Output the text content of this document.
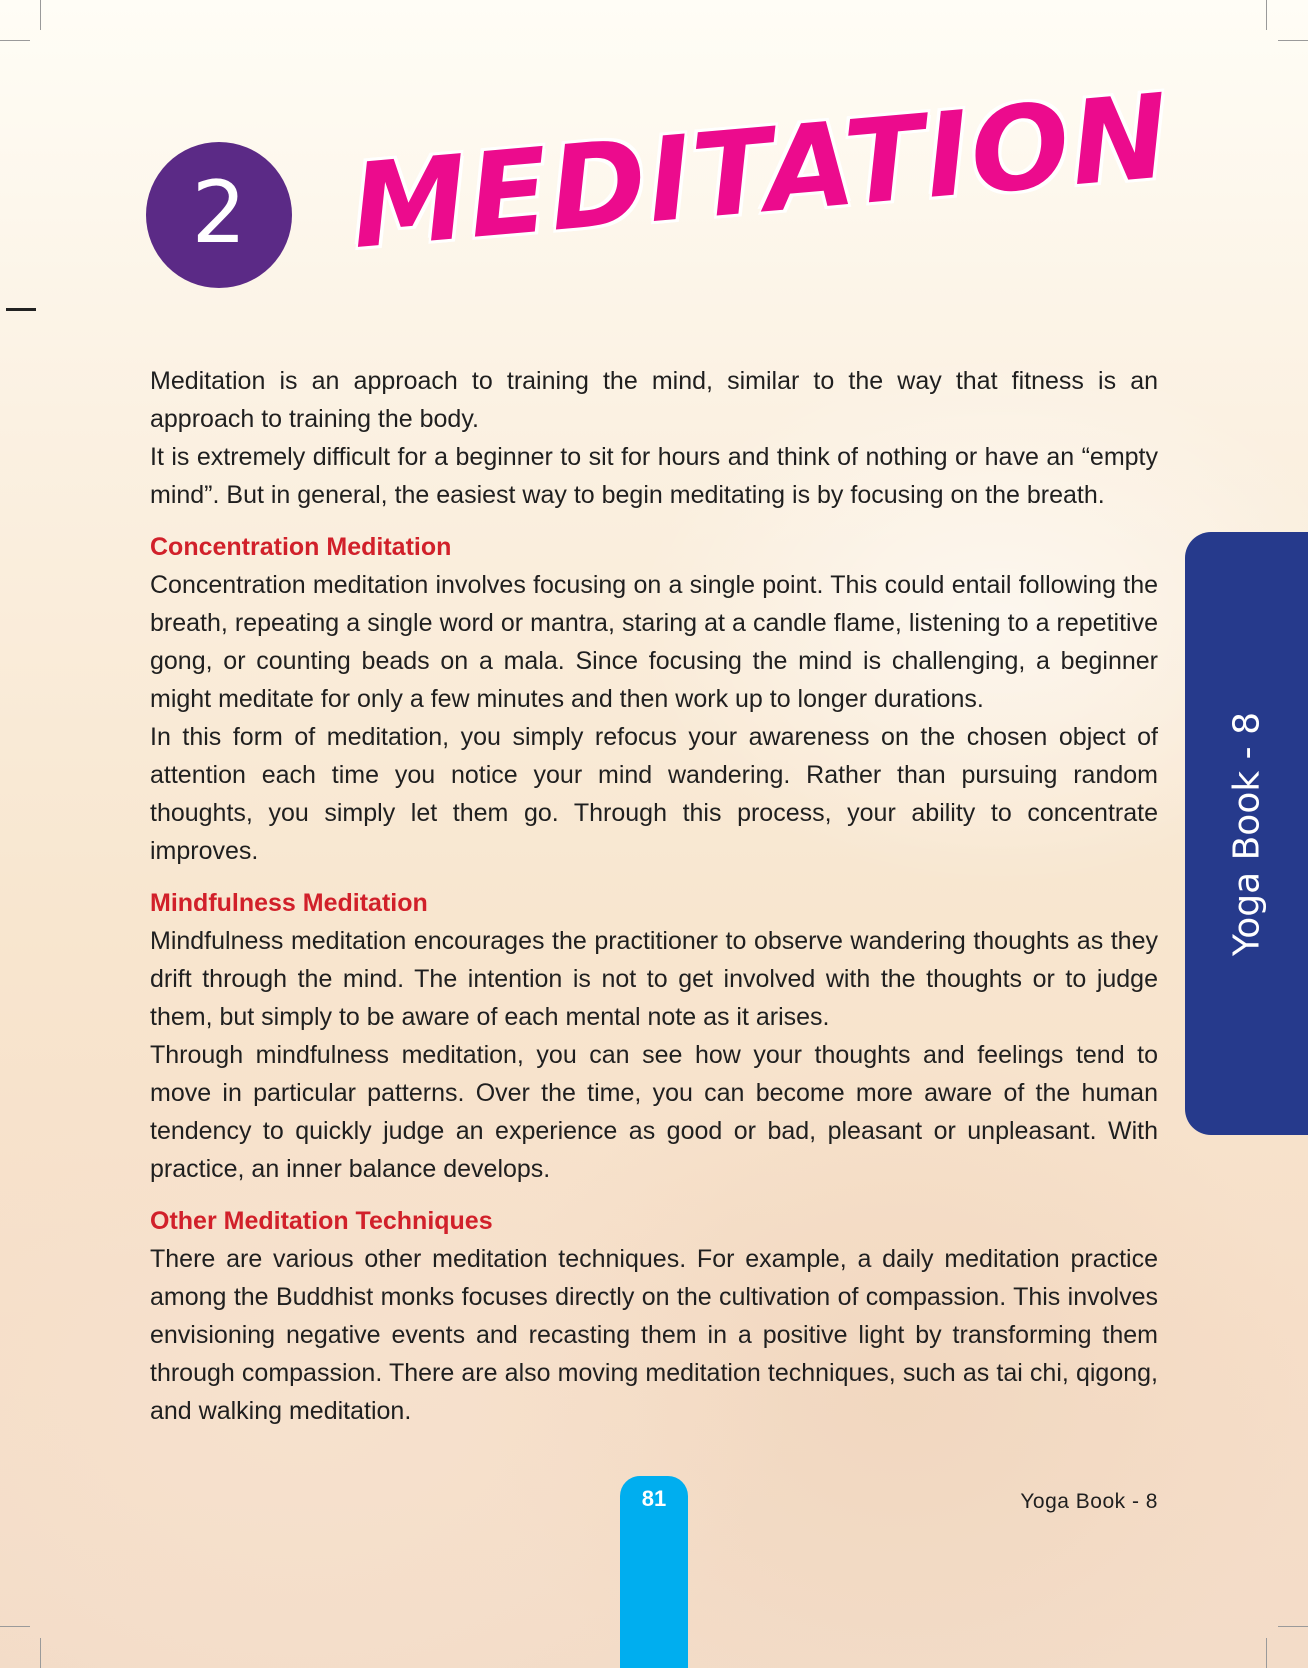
2 MEDITATION
Yoga Book - 8

Meditation is an approach to training the mind, similar to the way that fitness is an approach to training the body.

It is extremely difficult for a beginner to sit for hours and think of nothing or have an “empty mind”. But in general, the easiest way to begin meditating is by focusing on the breath.

Concentration Meditation

Concentration meditation involves focusing on a single point. This could entail following the breath, repeating a single word or mantra, staring at a candle flame, listening to a repetitive gong, or counting beads on a mala. Since focusing the mind is challenging, a beginner might meditate for only a few minutes and then work up to longer durations.

In this form of meditation, you simply refocus your awareness on the chosen object of attention each time you notice your mind wandering. Rather than pursuing random thoughts, you simply let them go. Through this process, your ability to concentrate improves.

Mindfulness Meditation

Mindfulness meditation encourages the practitioner to observe wandering thoughts as they drift through the mind. The intention is not to get involved with the thoughts or to judge them, but simply to be aware of each mental note as it arises.

Through mindfulness meditation, you can see how your thoughts and feelings tend to move in particular patterns. Over the time, you can become more aware of the human tendency to quickly judge an experience as good or bad, pleasant or unpleasant. With practice, an inner balance develops.

Other Meditation Techniques

There are various other meditation techniques. For example, a daily meditation practice among the Buddhist monks focuses directly on the cultivation of compassion. This involves envisioning negative events and recasting them in a positive light by transforming them through compassion. There are also moving meditation techniques, such as tai chi, qigong, and walking meditation.

81	Yoga Book - 8
